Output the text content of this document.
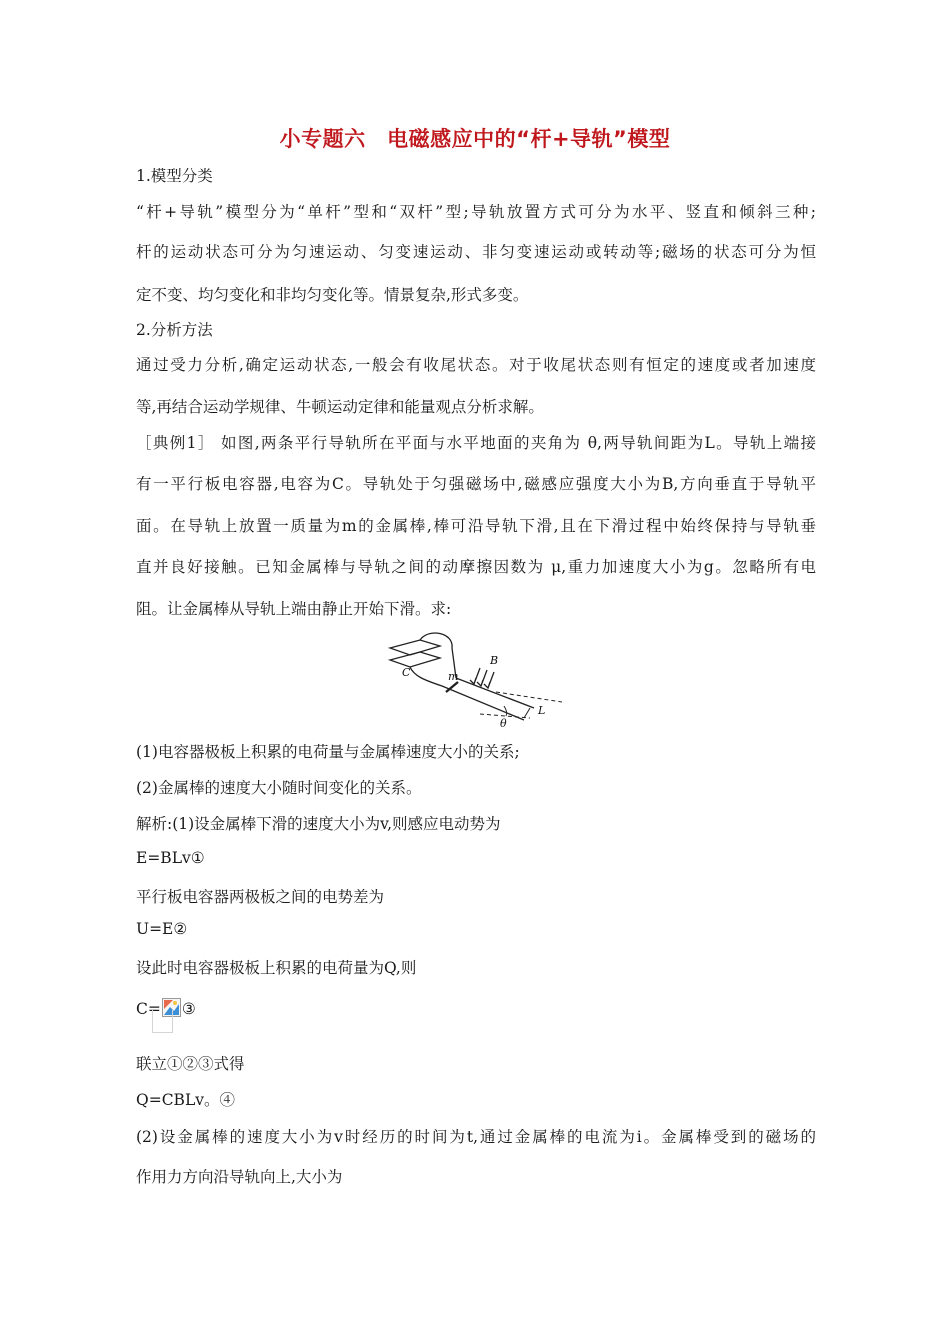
小专题六　电磁感应中的“杆+导轨”模型
1.模型分类
“杆+导轨”模型分为“单杆”型和“双杆”型;导轨放置方式可分为水平、竖直和倾斜三种;
杆的运动状态可分为匀速运动、匀变速运动、非匀变速运动或转动等;磁场的状态可分为恒
定不变、均匀变化和非均匀变化等。情景复杂,形式多变。
2.分析方法
通过受力分析,确定运动状态,一般会有收尾状态。对于收尾状态则有恒定的速度或者加速度
等,再结合运动学规律、牛顿运动定律和能量观点分析求解。
［典例1］ 如图,两条平行导轨所在平面与水平地面的夹角为 θ,两导轨间距为L。导轨上端接
有一平行板电容器,电容为C。导轨处于匀强磁场中,磁感应强度大小为B,方向垂直于导轨平
面。在导轨上放置一质量为m的金属棒,棒可沿导轨下滑,且在下滑过程中始终保持与导轨垂
直并良好接触。已知金属棒与导轨之间的动摩擦因数为 μ,重力加速度大小为g。忽略所有电
阻。让金属棒从导轨上端由静止开始下滑。求:
C	m
B
L
θ
(1)电容器极板上积累的电荷量与金属棒速度大小的关系;
(2)金属棒的速度大小随时间变化的关系。
解析:(1)设金属棒下滑的速度大小为v,则感应电动势为
E=BLv①
平行板电容器两极板之间的电势差为
U=E②
设此时电容器极板上积累的电荷量为Q,则
C= ③
联立①②③式得
Q=CBLv。④
(2)设金属棒的速度大小为v时经历的时间为t,通过金属棒的电流为i。金属棒受到的磁场的
作用力方向沿导轨向上,大小为
